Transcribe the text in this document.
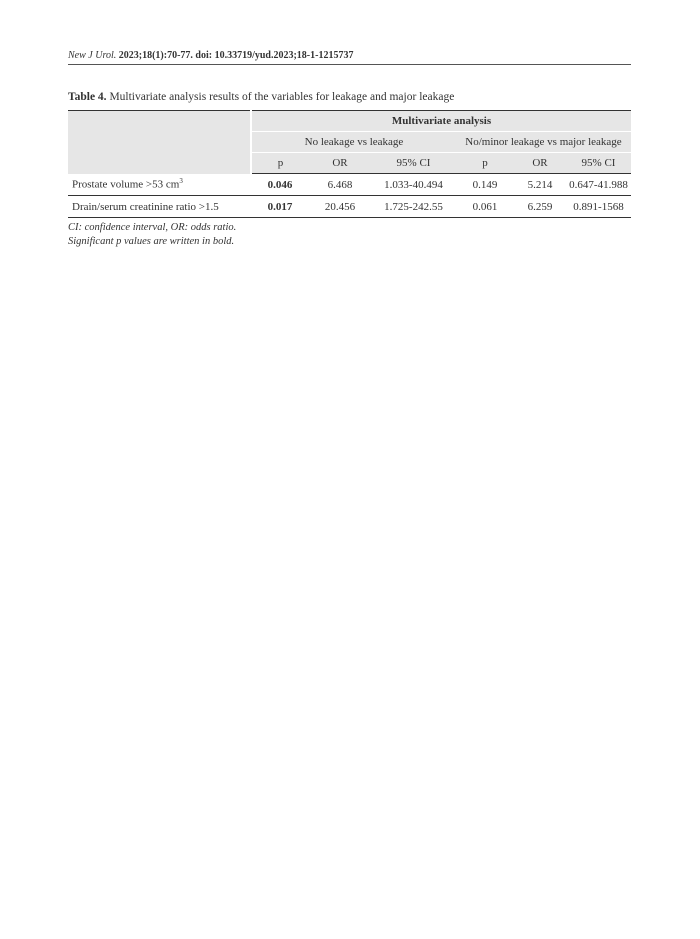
New J Urol. 2023;18(1):70-77. doi: 10.33719/yud.2023;18-1-1215737
Table 4. Multivariate analysis results of the variables for leakage and major leakage
	Multivariate analysis					
	No leakage vs leakage			No/minor leakage vs major leakage		
	p	OR	95% CI	p	OR	95% CI
Prostate volume >53 $cm^3$	0.046	6.468	1.033-40.494	0.149	5.214	0.647-41.988
Drain/serum creatinine ratio >1.5	0.017	20.456	1.725-242.55	0.061	6.259	0.891-1568
CI: confidence interval, OR: odds ratio.
Significant p values are written in bold.
